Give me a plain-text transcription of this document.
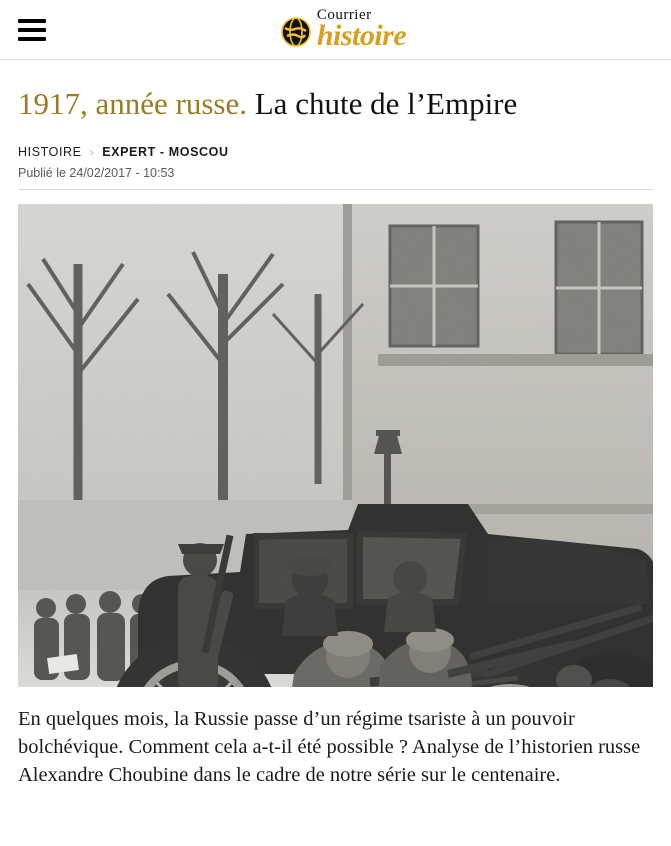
Courrier
histoire
1917, année russe. La chute de l’Empire
HISTOIRE › EXPERT - MOSCOU
Publié le 24/02/2017 - 10:53

En quelques mois, la Russie passe d’un régime tsariste à un pouvoir bolchévique. Comment cela a-t-il été possible ? Analyse de l’historien russe Alexandre Choubine dans le cadre de notre série sur le centenaire.
